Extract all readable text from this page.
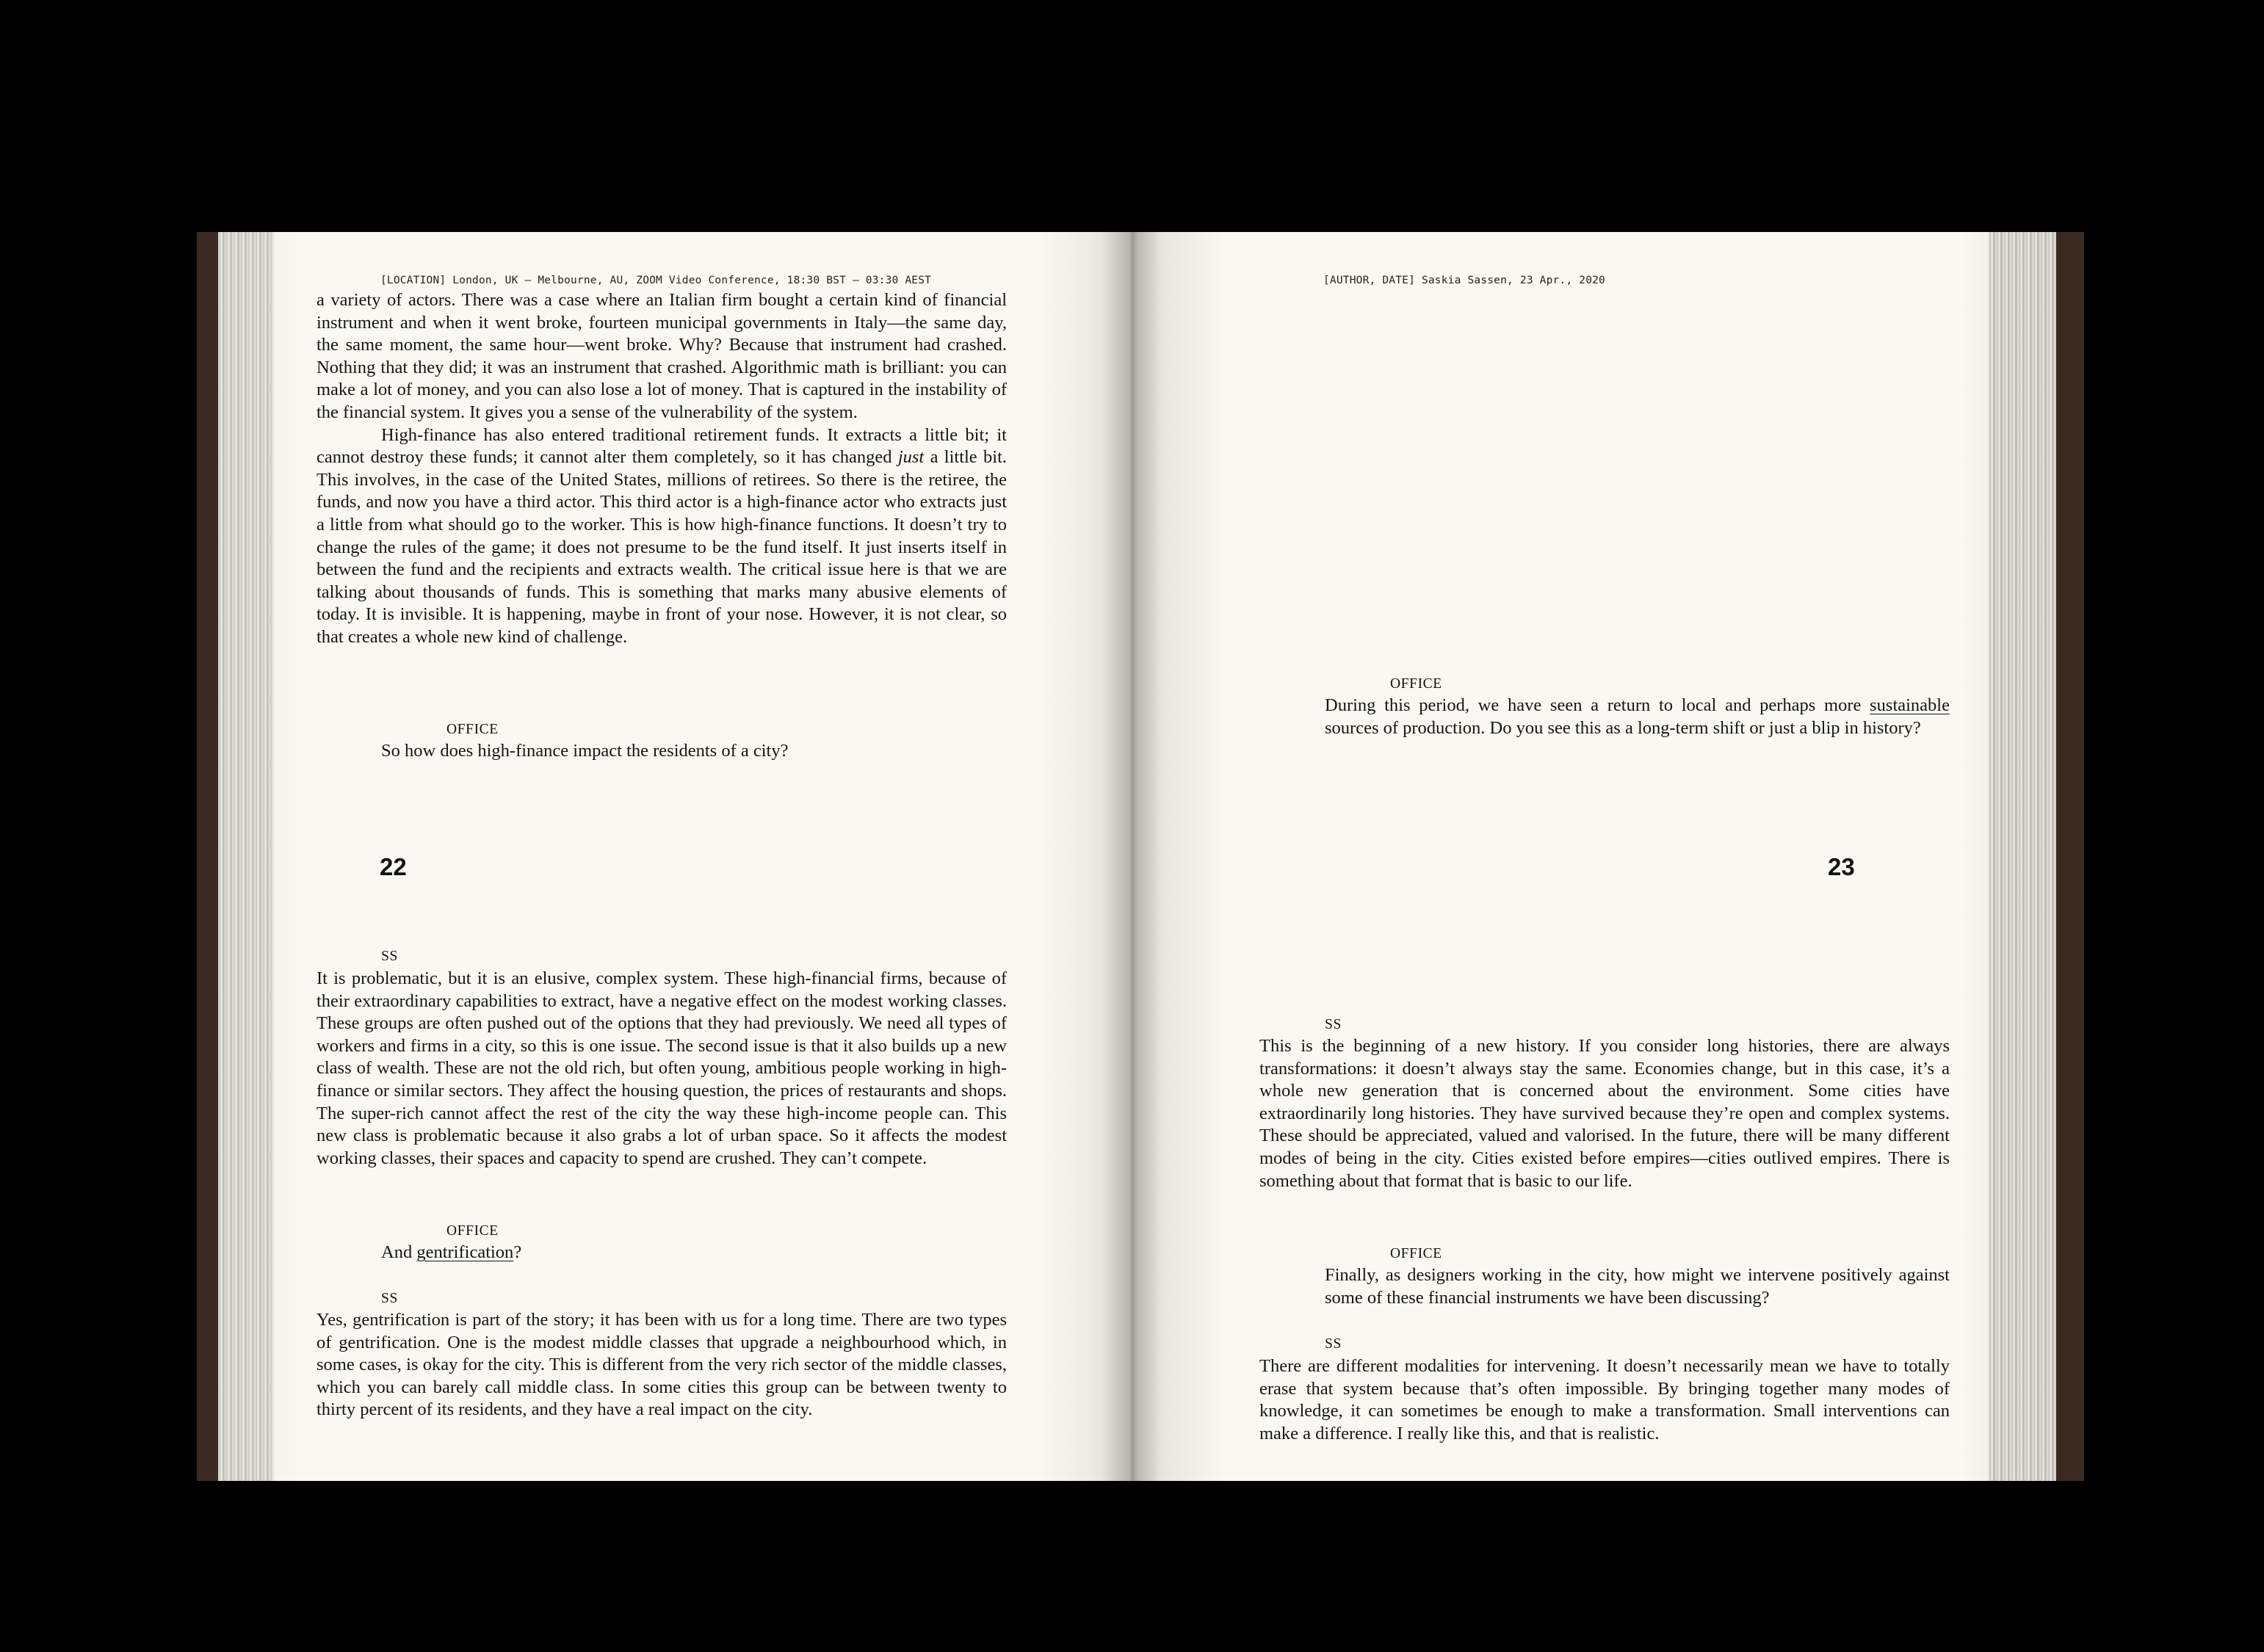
[LOCATION] London, UK — Melbourne, AU, ZOOM Video Conference, 18:30 BST — 03:30 AEST

a variety of actors. There was a case where an Italian firm bought a certain kind of financial instrument and when it went broke, fourteen municipal governments in Italy—the same day, the same moment, the same hour—went broke. Why? Because that instrument had crashed. Nothing that they did; it was an instrument that crashed. Algorithmic math is brilliant: you can make a lot of money, and you can also lose a lot of money. That is captured in the instability of the financial system. It gives you a sense of the vulnerability of the system.

High-finance has also entered traditional retirement funds. It extracts a little bit; it cannot destroy these funds; it cannot alter them completely, so it has changed just a little bit. This involves, in the case of the United States, millions of retirees. So there is the retiree, the funds, and now you have a third actor. This third actor is a high-finance actor who extracts just a little from what should go to the worker. This is how high-finance functions. It doesn’t try to change the rules of the game; it does not presume to be the fund itself. It just inserts itself in between the fund and the recipients and extracts wealth. The critical issue here is that we are talking about thousands of funds. This is something that marks many abusive elements of today. It is invisible. It is happening, maybe in front of your nose. However, it is not clear, so that creates a whole new kind of challenge.

OFFICE
So how does high-finance impact the residents of a city?
22
SS
It is problematic, but it is an elusive, complex system. These high-financial firms, because of their extraordinary capabilities to extract, have a negative effect on the modest working classes. These groups are often pushed out of the options that they had previously. We need all types of workers and firms in a city, so this is one issue. The second issue is that it also builds up a new class of wealth. These are not the old rich, but often young, ambitious people working in high-finance or similar sectors. They affect the housing question, the prices of restaurants and shops. The super-rich cannot affect the rest of the city the way these high-income people can. This new class is problematic because it also grabs a lot of urban space. So it affects the modest working classes, their spaces and capacity to spend are crushed. They can’t compete.
OFFICE
And gentrification?
SS
Yes, gentrification is part of the story; it has been with us for a long time. There are two types of gentrification. One is the modest middle classes that upgrade a neighbourhood which, in some cases, is okay for the city. This is different from the very rich sector of the middle classes, which you can barely call middle class. In some cities this group can be between twenty to thirty percent of its residents, and they have a real impact on the city.
[AUTHOR, DATE] Saskia Sassen, 23 Apr., 2020
OFFICE
During this period, we have seen a return to local and perhaps more sustainable sources of production. Do you see this as a long-term shift or just a blip in history?
23
SS
This is the beginning of a new history. If you consider long histories, there are always transformations: it doesn’t always stay the same. Economies change, but in this case, it’s a whole new generation that is concerned about the environment. Some cities have extraordinarily long histories. They have survived because they’re open and complex systems. These should be appreciated, valued and valorised. In the future, there will be many different modes of being in the city. Cities existed before empires—cities outlived empires. There is something about that format that is basic to our life.
OFFICE
Finally, as designers working in the city, how might we intervene positively against some of these financial instruments we have been discussing?
SS
There are different modalities for intervening. It doesn’t necessarily mean we have to totally erase that system because that’s often impossible. By bringing together many modes of knowledge, it can sometimes be enough to make a transformation. Small interventions can make a difference. I really like this, and that is realistic.
